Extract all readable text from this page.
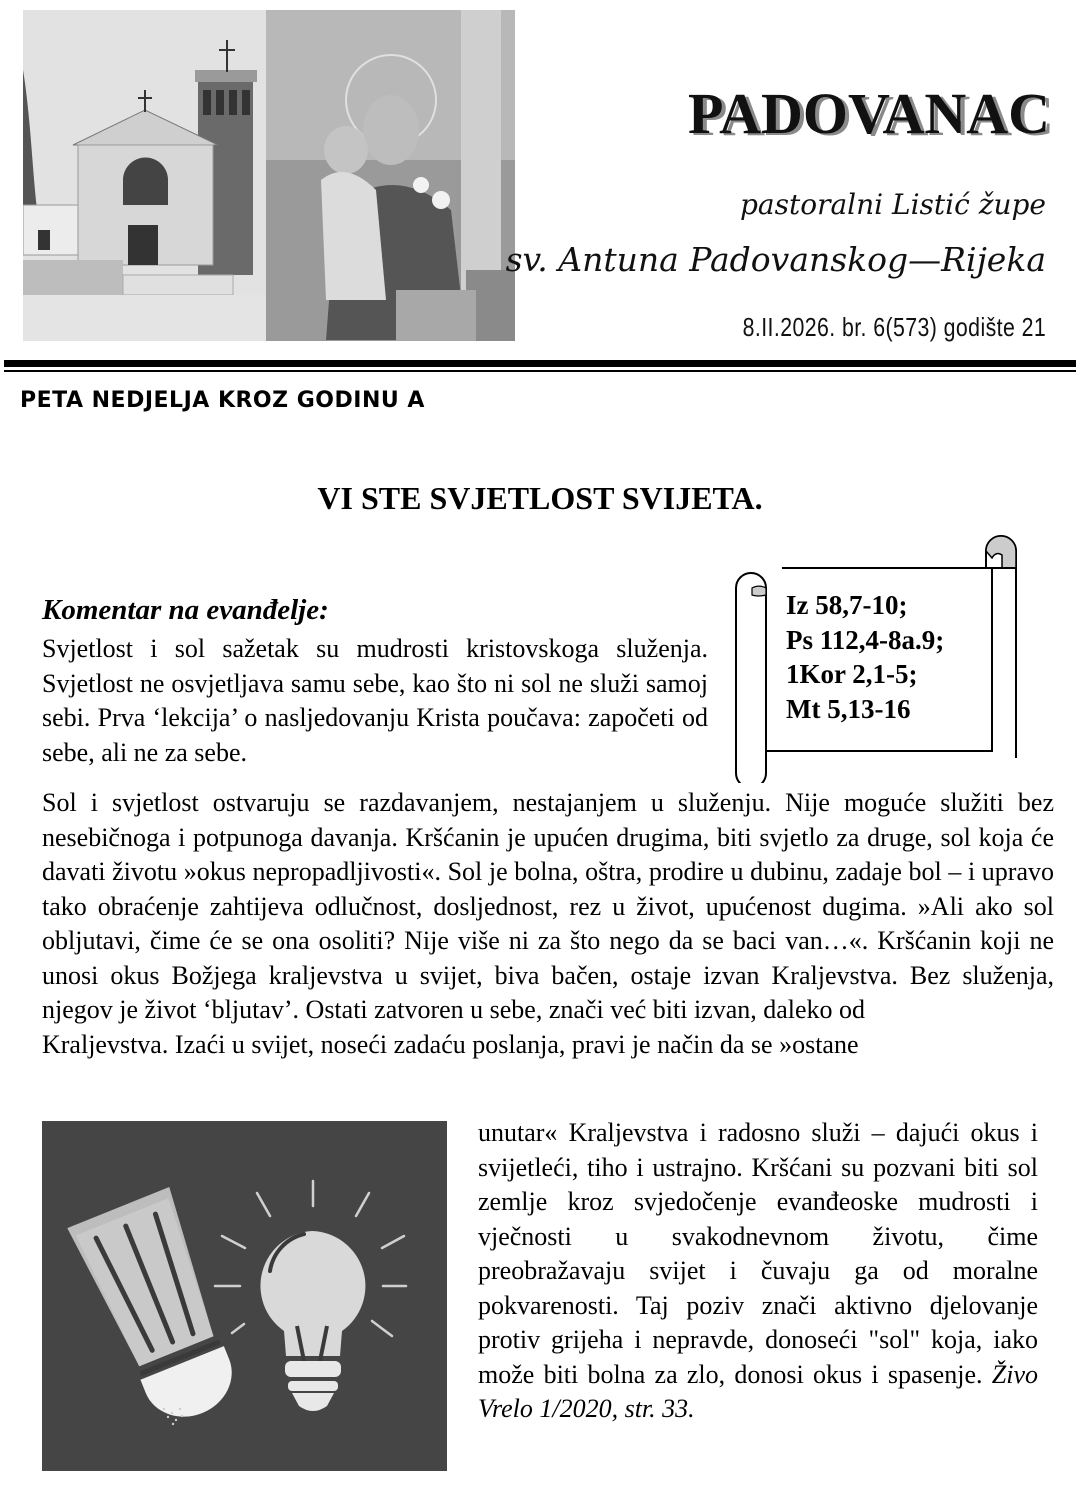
PADOVANAC
pastoralni Listić župe
sv. Antuna Padovanskog—Rijeka
8.II.2026. br. 6(573) godište 21
PETA NEDJELJA KROZ GODINU A
VI STE SVJETLOST SVIJETA.
Iz 58,7-10;
Ps 112,4-8a.9;
1Kor 2,1-5;
Mt 5,13-16
Komentar na evanđelje:
Svjetlost i sol sažetak su mudrosti kristovskoga služenja. Svjetlost ne osvjetljava samu sebe, kao što ni sol ne služi samoj sebi. Prva ‘lekcija’ o nasljedovanju Krista poučava: započeti od sebe, ali ne za sebe.
Sol i svjetlost ostvaruju se razdavanjem, nestajanjem u služenju. Nije moguće služiti bez nesebičnoga i potpunoga davanja. Kršćanin je upućen drugima, biti svjetlo za druge, sol koja će davati životu »okus nepropadljivosti«. Sol je bolna, oštra, prodire u dubinu, zadaje bol – i upravo tako obraćenje zahtijeva odlučnost, dosljednost, rez u život, upućenost dugima. »Ali ako sol obljutavi, čime će se ona osoliti? Nije više ni za što nego da se baci van…«. Kršćanin koji ne unosi okus Božjega kraljevstva u svijet, biva bačen, ostaje izvan Kraljevstva. Bez služenja, njegov je život ‘bljutav’. Ostati zatvoren u sebe, znači već biti izvan, daleko od
Kraljevstva. Izaći u svijet, noseći zadaću poslanja, pravi je način da se »ostane
unutar« Kraljevstva i radosno služi – dajući okus i svijetleći, tiho i ustrajno. Kršćani su pozvani biti sol zemlje kroz svjedočenje evanđeoske mudrosti i vječnosti u svakodnevnom životu, čime preobražavaju svijet i čuvaju ga od moralne pokvarenosti. Taj poziv znači aktivno djelovanje protiv grijeha i nepravde, donoseći "sol" koja, iako može biti bolna za zlo, donosi okus i spasenje. Živo Vrelo 1/2020, str. 33.
